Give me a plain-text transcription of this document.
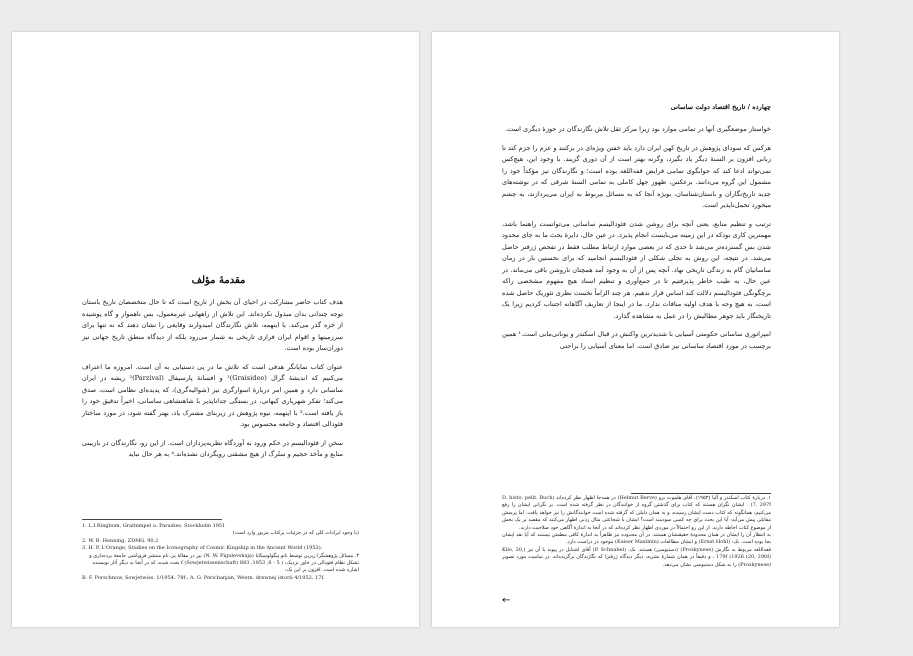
مقدمهٔ مؤلف

هدف کتاب حاضر مشارکت در احیای آن بخش از تاریخ است که تا حال متخصصان تاریخ باستان توجه چندانی بدان مبذول نکرده‌اند. این تلاش از راههایی غیرمعمول، بس ناهموار و گاه پوشیده از خزه گذر می‌کند. با اینهمه، تلاش نگارندگان امیدوارند وقایعی را نشان دهند که نه تنها برای سرزمینها و اقوام ایران فرازی تاریخی به شمار می‌رود بلکه از دیدگاه منطق تاریخ جهانی نیز دوران‌ساز بوده است.

عنوان کتاب نمایانگر هدفی است که تلاش ما در پی دستیابی به آن است. امروزه ما اعتراف می‌کنیم که اندیشهٔ گرال (Graisidee)¹ و افسانهٔ پارسیفال (Parzival)² ریشه در ایران ساسانی دارد و همین امر دربارهٔ اسوارگری نیز (شوالیه‌گری)، که پدیده‌ای نظامی است، صدق می‌کند؛ تفکر شهریاری کیهانی، در بستگی جدانا‌پذیر با شاهنشاهی ساسانی، اخیراً تدقیق خود را باز یافته است.³ با اینهمه، نیوه پژوهش در زیربنای مشترک یاد، بهتر گفته شود، در مورد ساختار فئودالی اقتصاد و جامعه محسوس بود.

سخن از فئودالیسم در حکم ورود به آوردگاه نظریه‌پردازان است. از این رو، نگارندگان در بازبینی منابع و مآخذ حجیم و ستُرگ از هیچ مشقتی رویگردان نشده‌اند.⁴ به هر حال نباید

1. L.I.Ringbom, Graltempel u. Paradies. Stockholm 1951
(با وجود ایرادات کلی که در جزئیات برکتاب مزبور وارد است)
2. W. B. Henning, ZDMG. 90,2
3. H. P. L'Orange, Studies on the Iconography of Cosmic Kingship in the Ancient World (1953).
۴. مسائل پژوهشگرا زیرین توسط بانو پیگولوسکایا (N. W. Pigulevskaja) نیز در مقالهٔ بی نام منتشر فروپاشی جامعهٔ برده‌داری و تشکل نظام فئودالی در خاور نزدیک، ( 5 - 6, 1953, 883 f (Sowjetwissenschaft) بحث شده، که در آنجا به دیگر آثار نویسنده اشاره شده است. افزون بر این نک:
B. F. Porschnow, Sowjetwiss. 1/1954. 78f.; A. G. Perichanjan, Westn. drewnej istorii 4/1952. 17f.
چهارده / تاریخ اقتصاد دولت ساسانی

خواستار موضعگیری آنها در تمامی موارد بود زیرا مرکز ثقل تلاش نگارندگان در حوزهٔ دیگری است.

هرکس که سودای پژوهش در تاریخ کهن ایران دارد باید خفتن ویژه‌ای در برکنند و عزم را جزم کند تا زبانی افزون بر السنهٔ دیگر یاد بگیرد، وگرنه بهتر است از آن دوری گزیند. با وجود این، هیچ‌کس نمی‌تواند ادعا کند که جوابگوی تمامی فرایض قفه‌اللغه بوده است؛ و نگارندگان نیز مؤکداً خود را مشمول این گروه می‌دانند. برعکس، ظهور جهل کاملی به تمامی السنهٔ شرقی که در نوشته‌های جدید تاریخ‌نگاران و باستان‌شناسان، بویژه آنجا که به مسائل مربوط به ایران می‌پردازند، به چشم میخورد تحمل‌ناپذیر است.

ترتیب و تنظیم منابع، یعنی آنچه برای روشن شدن فئودالیسم ساسانی می‌توانست راهنما باشد، مهمترین کاری بودکه در این زمینه می‌بایست انجام پذیرد. در عین حال، دایرهٔ بحث ما به جای محدود شدن بس گسترده‌تر می‌شد تا حدی که در بعضی موارد ارتباط مطلب فقط در تفحص ژرفتر حاصل می‌شد. در نتیجه، این روش به تجلی شکلی از فئودالیسم انجامید که برای نخستین بار در زمان ساسانیان گام به زندگی تاریخی نهاد. آنچه پس از آن به وجود آمد همچنان ناروشن باقی می‌ماند. در عین حال، به طیب خاطر پذیرفتیم تا در جمع‌آوری و تنظیم اسناد هیچ مفهوم مشخصی راکه برچگونگی فئودالیسم دلالت کند اساس قرار ندهیم. هر چند الزاماً نخست نظری تئوریک حاصل شده است، به هیچ وجه با هدف اولیه منافات ندارد. ما در اینجا از تعاریف آگاهانه اجتناب کردیم زیرا یک تاریخنگار باید جوهر مطالبش را در عمل به مشاهده گذارد.

امپراتوری ساسانی حکومتی آسیایی با شدیدترین واکنش در قبال اسکندر و یونانی‌مابی است.¹ همین برچسب در مورد اقتصاد ساسانی نیز صادق است. اما معنای آسیایی را براحتی

۱. دربارهٔ کتاب اسکندر و آلیا (۱۹۵۳)، آقای هلموت برو (Helmut Berve) در همه‌جا اظهار نظر کرده‌اند (D. histo. pelit. Buch 7, 297f) . ایشان نگران هستند که کتاب برای گذشتن گروه از خوانندگان در نظر گرفته شده است. بر نگرانی ایشان را رفع می‌کنیم: همانگونه که کتاب دست ایشان رسیده، و به همان دلیلی که گرفته شده است خوانندگانش را نیز خواهد یافت. اما پرسش مقابلی پیش می‌آید: آیا این بحث برای چه کسی سودمند است؟ ایشان با شجاعتی مثال زدنی اظهار می‌کنند که مقصد بر یک بخش از موضوع کتاب احاطه دارند. از این رو احتمالاً در موردی اظهار نظر کرده‌اند که در آنجا به اندازهٔ آگاهی خود صلاحیت دارند.
به انتظار آن را ایشان در همان محدودهٔ حقیقتشان هستند. در آن محدوده نیز ظاهراً به اندازهٔ کافی مطمئن نیستند که آیا نقد ایشان بجا بوده است. نک: (Ernst Hohl) و ایشان مطالعات (Kaiser Maximin) موجود در دراست دارد.
قفه‌اللغه مربوط به نگارش (Proskynese) (دستبوسی) هستند. نک: (P. Schnabel) آقای اشنابل در پیوند با آن نیز (Klio, 20, 179f (1926 (20, 290f) ، و دقیقاً در همان شمارهٔ نشریه، دیگر دیدگاه ژرفترا که نگارندگان برگزیده‌اند. در تمامیت مورد تصویر (Proskynese) را به شکل دستبوسی نشان می‌دهد.
←
